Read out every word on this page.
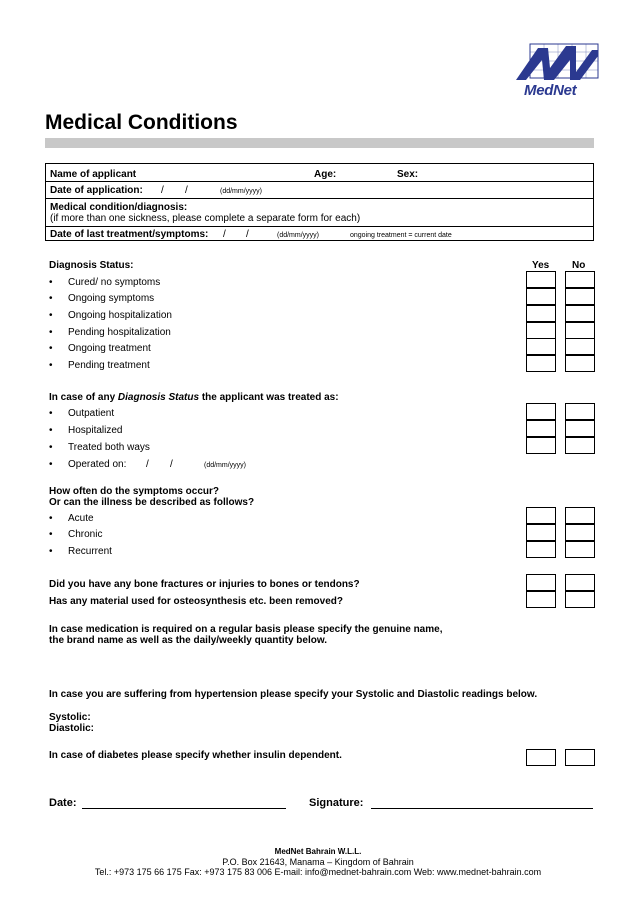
MedNet
Medical Conditions
Name of applicant	Age:	Sex:
Date of application: / /	(dd/mm/yyyy)
Medical condition/diagnosis:
(if more than one sickness, please complete a separate form for each)
Date of last treatment/symptoms: / /	(dd/mm/yyyy)	ongoing treatment = current date
Yes No
Diagnosis Status:
• Cured/ no symptoms
• Ongoing symptoms
• Ongoing hospitalization
• Pending hospitalization
• Ongoing treatment
• Pending treatment
In case of any Diagnosis Status the applicant was treated as:
• Outpatient
• Hospitalized
• Treated both ways
• Operated on: / /	(dd/mm/yyyy)
How often do the symptoms occur?
Or can the illness be described as follows?
• Acute
• Chronic
• Recurrent
Did you have any bone fractures or injuries to bones or tendons?
Has any material used for osteosynthesis etc. been removed?
In case medication is required on a regular basis please specify the genuine name,
the brand name as well as the daily/weekly quantity below.
In case you are suffering from hypertension please specify your Systolic and Diastolic readings below.
Systolic:
Diastolic:
In case of diabetes please specify whether insulin dependent.
Date:	Signature:
MedNet Bahrain W.L.L.
P.O. Box 21643, Manama – Kingdom of Bahrain
Tel.: +973 175 66 175 Fax: +973 175 83 006 E-mail: info@mednet-bahrain.com Web: www.mednet-bahrain.com
